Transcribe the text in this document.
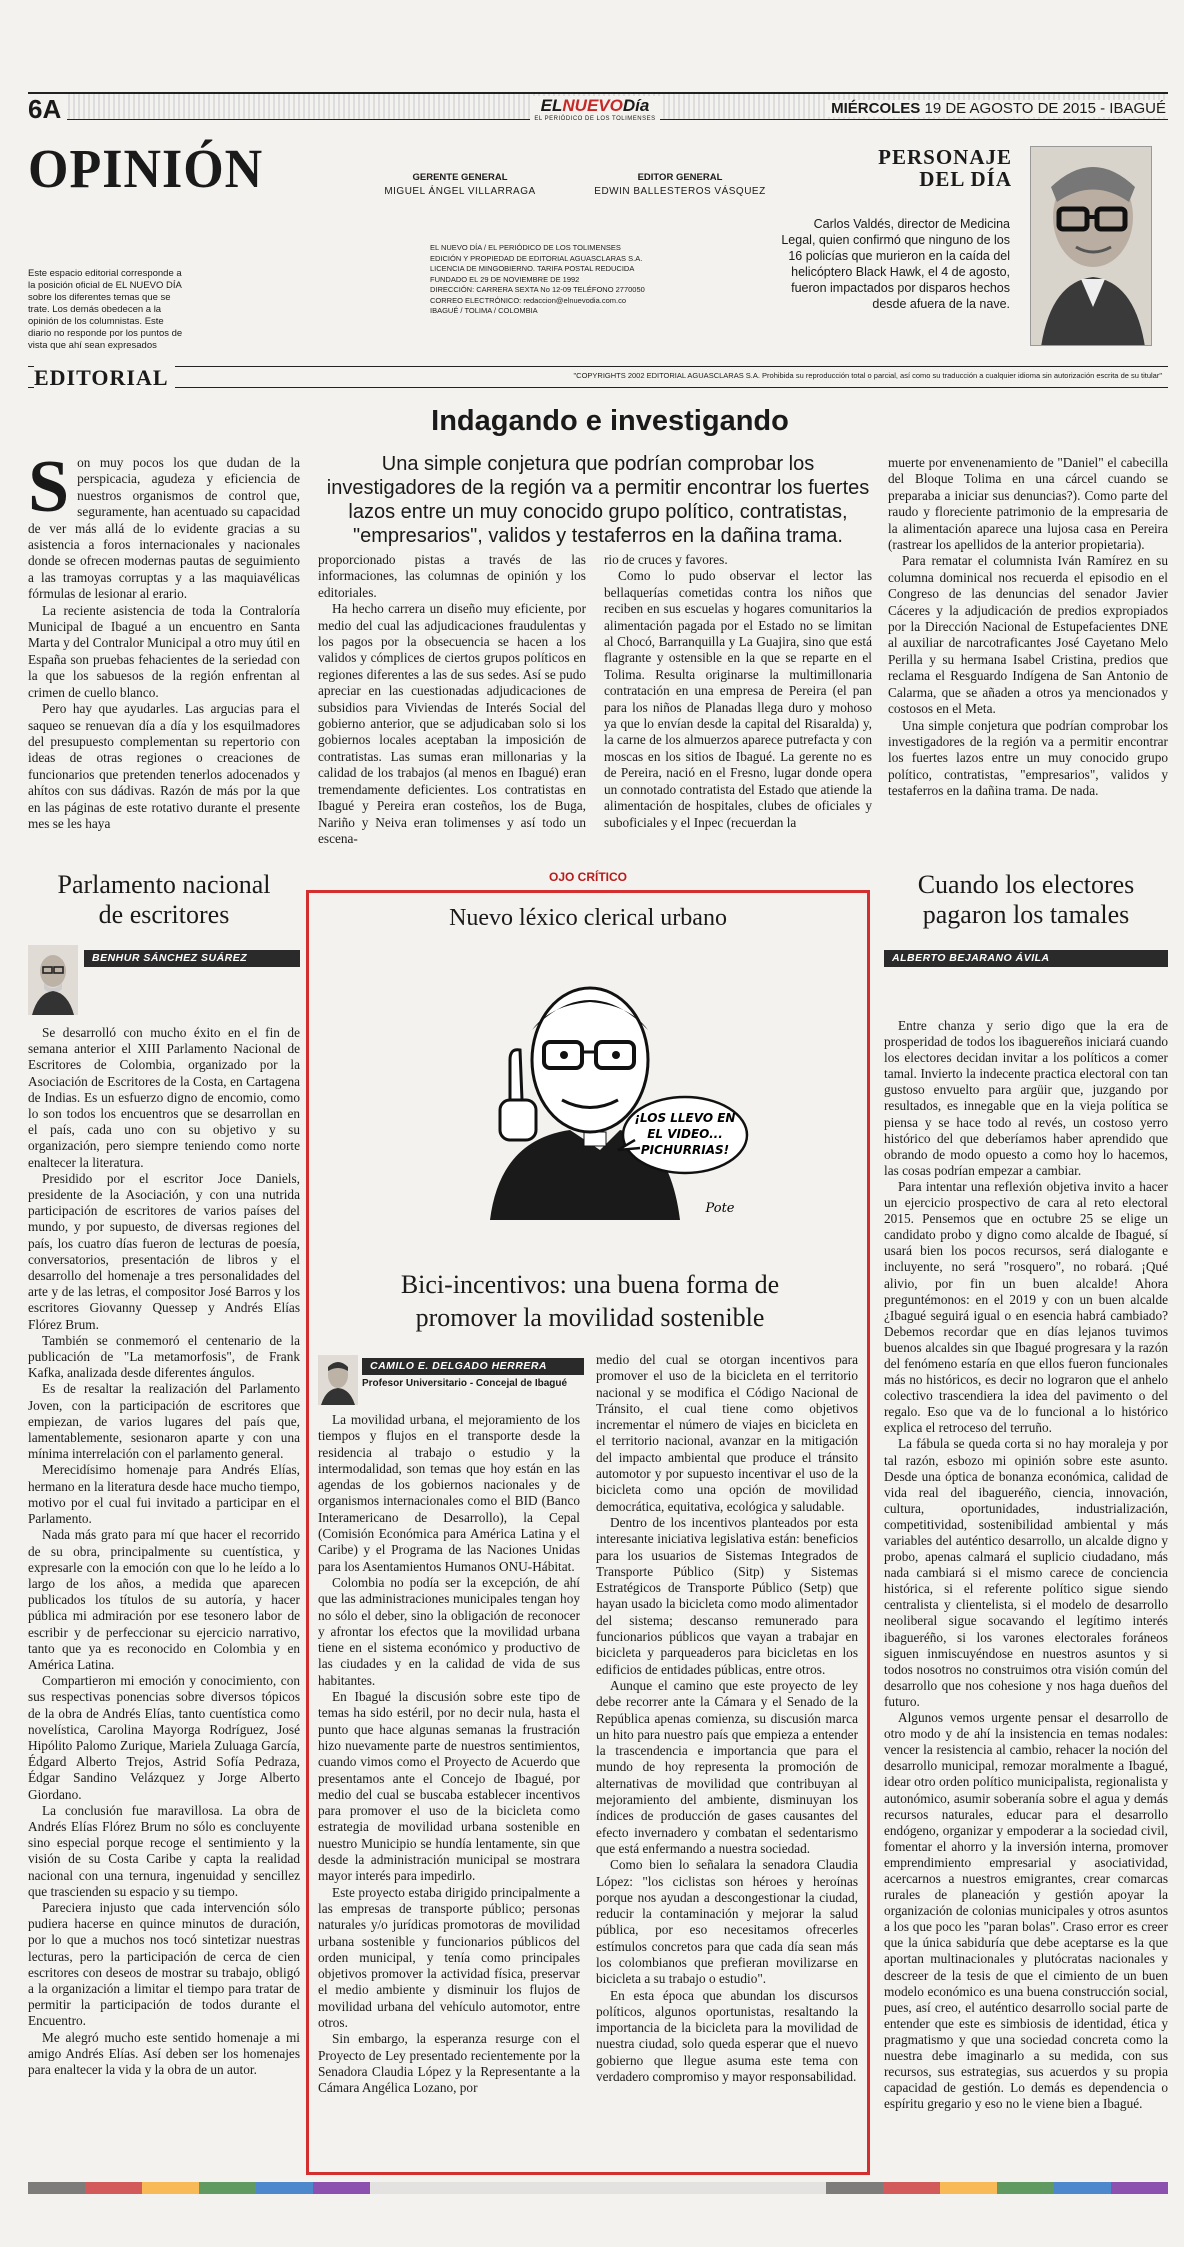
6A	ELNUEVODía
EL PERIÓDICO DE LOS TOLIMENSES
MIÉRCOLES 19 DE AGOSTO DE 2015 - IBAGUÉ
OPINIÓN
Este espacio editorial corresponde a la posición oficial de EL NUEVO DÍA sobre los diferentes temas que se trate. Los demás obedecen a la opinión de los columnistas. Este diario no responde por los puntos de vista que ahí sean expresados
GERENTE GENERAL
MIGUEL ÁNGEL VILLARRAGA
EDITOR GENERAL
EDWIN BALLESTEROS VÁSQUEZ
EL NUEVO DÍA / EL PERIÓDICO DE LOS TOLIMENSES
EDICIÓN Y PROPIEDAD DE EDITORIAL AGUASCLARAS S.A.
LICENCIA DE MINGOBIERNO. TARIFA POSTAL REDUCIDA
FUNDADO EL 29 DE NOVIEMBRE DE 1992
DIRECCIÓN: CARRERA SEXTA No 12-09 TELÉFONO 2770050
CORREO ELECTRÓNICO: redaccion@elnuevodia.com.co
IBAGUÉ / TOLIMA / COLOMBIA
PERSONAJE
DEL DÍA
Carlos Valdés, director de Medicina Legal, quien confirmó que ninguno de los 16 policías que murieron en la caída del helicóptero Black Hawk, el 4 de agosto, fueron impactados por disparos hechos desde afuera de la nave.
EDITORIAL	"COPYRIGHTS 2002 EDITORIAL AGUASCLARAS S.A. Prohibida su reproducción total o parcial, así como su traducción a cualquier idioma sin autorización escrita de su titular"
Indagando e investigando
Una simple conjetura que podrían comprobar los investigadores de la región va a permitir encontrar los fuertes lazos entre un muy conocido grupo político, contratistas, "empresarios", validos y testaferros en la dañina trama.
S on muy pocos los que dudan de la perspicacia, agudeza y eficiencia de nuestros organismos de control que, seguramente, han acentuado su capacidad de ver más allá de lo evidente gracias a su asistencia a foros internacionales y nacionales donde se ofrecen modernas pautas de seguimiento a las tramoyas corruptas y a las maquiavélicas fórmulas de lesionar al erario.

La reciente asistencia de toda la Contraloría Municipal de Ibagué a un encuentro en Santa Marta y del Contralor Municipal a otro muy útil en España son pruebas fehacientes de la seriedad con la que los sabuesos de la región enfrentan al crimen de cuello blanco.

Pero hay que ayudarles. Las argucias para el saqueo se renuevan día a día y los esquilmadores del presupuesto complementan su repertorio con ideas de otras regiones o creaciones de funcionarios que pretenden tenerlos adocenados y ahítos con sus dádivas. Razón de más por la que en las páginas de este rotativo durante el presente mes se les haya

proporcionado pistas a través de las informaciones, las columnas de opinión y los editoriales.

Ha hecho carrera un diseño muy eficiente, por medio del cual las adjudicaciones fraudulentas y los pagos por la obsecuencia se hacen a los validos y cómplices de ciertos grupos políticos en regiones diferentes a las de sus sedes. Así se pudo apreciar en las cuestionadas adjudicaciones de subsidios para Viviendas de Interés Social del gobierno anterior, que se adjudicaban solo si los gobiernos locales aceptaban la imposición de contratistas. Las sumas eran millonarias y la calidad de los trabajos (al menos en Ibagué) eran tremendamente deficientes. Los contratistas en Ibagué y Pereira eran costeños, los de Buga, Nariño y Neiva eran tolimenses y así todo un escena-

rio de cruces y favores.

Como lo pudo observar el lector las bellaquerías cometidas contra los niños que reciben en sus escuelas y hogares comunitarios la alimentación pagada por el Estado no se limitan al Chocó, Barranquilla y La Guajira, sino que está flagrante y ostensible en la que se reparte en el Tolima. Resulta originarse la multimillonaria contratación en una empresa de Pereira (el pan para los niños de Planadas llega duro y mohoso ya que lo envían desde la capital del Risaralda) y, la carne de los almuerzos aparece putrefacta y con moscas en los sitios de Ibagué. La gerente no es de Pereira, nació en el Fresno, lugar donde opera un connotado contratista del Estado que atiende la alimentación de hospitales, clubes de oficiales y suboficiales y el Inpec (recuerdan la

muerte por envenenamiento de "Daniel" el cabecilla del Bloque Tolima en una cárcel cuando se preparaba a iniciar sus denuncias?). Como parte del raudo y floreciente patrimonio de la empresaria de la alimentación aparece una lujosa casa en Pereira (rastrear los apellidos de la anterior propietaria).

Para rematar el columnista Iván Ramírez en su columna dominical nos recuerda el episodio en el Congreso de las denuncias del senador Javier Cáceres y la adjudicación de predios expropiados por la Dirección Nacional de Estupefacientes DNE al auxiliar de narcotraficantes José Cayetano Melo Perilla y su hermana Isabel Cristina, predios que reclama el Resguardo Indígena de San Antonio de Calarma, que se añaden a otros ya mencionados y costosos en el Meta.

Una simple conjetura que podrían comprobar los investigadores de la región va a permitir encontrar los fuertes lazos entre un muy conocido grupo político, contratistas, "empresarios", validos y testaferros en la dañina trama. De nada.

Parlamento nacional
de escritores
BENHUR SÁNCHEZ SUÁREZ

Se desarrolló con mucho éxito en el fin de semana anterior el XIII Parlamento Nacional de Escritores de Colombia, organizado por la Asociación de Escritores de la Costa, en Cartagena de Indias. Es un esfuerzo digno de encomio, como lo son todos los encuentros que se desarrollan en el país, cada uno con su objetivo y su organización, pero siempre teniendo como norte enaltecer la literatura.

Presidido por el escritor Joce Daniels, presidente de la Asociación, y con una nutrida participación de escritores de varios países del mundo, y por supuesto, de diversas regiones del país, los cuatro días fueron de lecturas de poesía, conversatorios, presentación de libros y el desarrollo del homenaje a tres personalidades del arte y de las letras, el compositor José Barros y los escritores Giovanny Quessep y Andrés Elías Flórez Brum.

También se conmemoró el centenario de la publicación de "La metamorfosis", de Frank Kafka, analizada desde diferentes ángulos.

Es de resaltar la realización del Parlamento Joven, con la participación de escritores que empiezan, de varios lugares del país que, lamentablemente, sesionaron aparte y con una mínima interrelación con el parlamento general.

Merecidísimo homenaje para Andrés Elías, hermano en la literatura desde hace mucho tiempo, motivo por el cual fui invitado a participar en el Parlamento.

Nada más grato para mí que hacer el recorrido de su obra, principalmente su cuentística, y expresarle con la emoción con que lo he leído a lo largo de los años, a medida que aparecen publicados los títulos de su autoría, y hacer pública mi admiración por ese tesonero labor de escribir y de perfeccionar su ejercicio narrativo, tanto que ya es reconocido en Colombia y en América Latina.

Compartieron mi emoción y conocimiento, con sus respectivas ponencias sobre diversos tópicos de la obra de Andrés Elías, tanto cuentística como novelística, Carolina Mayorga Rodríguez, José Hipólito Palomo Zurique, Mariela Zuluaga García, Édgard Alberto Trejos, Astrid Sofía Pedraza, Édgar Sandino Velázquez y Jorge Alberto Giordano.

La conclusión fue maravillosa. La obra de Andrés Elías Flórez Brum no sólo es concluyente sino especial porque recoge el sentimiento y la visión de su Costa Caribe y capta la realidad nacional con una ternura, ingenuidad y sencillez que trascienden su espacio y su tiempo.

Pareciera injusto que cada intervención sólo pudiera hacerse en quince minutos de duración, por lo que a muchos nos tocó sintetizar nuestras lecturas, pero la participación de cerca de cien escritores con deseos de mostrar su trabajo, obligó a la organización a limitar el tiempo para tratar de permitir la participación de todos durante el Encuentro.

Me alegró mucho este sentido homenaje a mi amigo Andrés Elías. Así deben ser los homenajes para enaltecer la vida y la obra de un autor.

OJO CRÍTICO
Nuevo léxico clerical urbano
¡LOS LLEVO EN
EL VIDEO...
PICHURRIAS!
Pote
Bici-incentivos: una buena forma de
promover la movilidad sostenible
CAMILO E. DELGADO HERRERA
Profesor Universitario - Concejal de Ibagué

La movilidad urbana, el mejoramiento de los tiempos y flujos en el transporte desde la residencia al trabajo o estudio y la intermodalidad, son temas que hoy están en las agendas de los gobiernos nacionales y de organismos internacionales como el BID (Banco Interamericano de Desarrollo), la Cepal (Comisión Económica para América Latina y el Caribe) y el Programa de las Naciones Unidas para los Asentamientos Humanos ONU-Hábitat.

Colombia no podía ser la excepción, de ahí que las administraciones municipales tengan hoy no sólo el deber, sino la obligación de reconocer y afrontar los efectos que la movilidad urbana tiene en el sistema económico y productivo de las ciudades y en la calidad de vida de sus habitantes.

En Ibagué la discusión sobre este tipo de temas ha sido estéril, por no decir nula, hasta el punto que hace algunas semanas la frustración hizo nuevamente parte de nuestros sentimientos, cuando vimos como el Proyecto de Acuerdo que presentamos ante el Concejo de Ibagué, por medio del cual se buscaba establecer incentivos para promover el uso de la bicicleta como estrategia de movilidad urbana sostenible en nuestro Municipio se hundía lentamente, sin que desde la administración municipal se mostrara mayor interés para impedirlo.

Este proyecto estaba dirigido principalmente a las empresas de transporte público; personas naturales y/o jurídicas promotoras de movilidad urbana sostenible y funcionarios públicos del orden municipal, y tenía como principales objetivos promover la actividad física, preservar el medio ambiente y disminuir los flujos de movilidad urbana del vehículo automotor, entre otros.

Sin embargo, la esperanza resurge con el Proyecto de Ley presentado recientemente por la Senadora Claudia López y la Representante a la Cámara Angélica Lozano, por

medio del cual se otorgan incentivos para promover el uso de la bicicleta en el territorio nacional y se modifica el Código Nacional de Tránsito, el cual tiene como objetivos incrementar el número de viajes en bicicleta en el territorio nacional, avanzar en la mitigación del impacto ambiental que produce el tránsito automotor y por supuesto incentivar el uso de la bicicleta como una opción de movilidad democrática, equitativa, ecológica y saludable.

Dentro de los incentivos planteados por esta interesante iniciativa legislativa están: beneficios para los usuarios de Sistemas Integrados de Transporte Público (Sitp) y Sistemas Estratégicos de Transporte Público (Setp) que hayan usado la bicicleta como modo alimentador del sistema; descanso remunerado para funcionarios públicos que vayan a trabajar en bicicleta y parqueaderos para bicicletas en los edificios de entidades públicas, entre otros.

Aunque el camino que este proyecto de ley debe recorrer ante la Cámara y el Senado de la República apenas comienza, su discusión marca un hito para nuestro país que empieza a entender la trascendencia e importancia que para el mundo de hoy representa la promoción de alternativas de movilidad que contribuyan al mejoramiento del ambiente, disminuyan los índices de producción de gases causantes del efecto invernadero y combatan el sedentarismo que está enfermando a nuestra sociedad.

Como bien lo señalara la senadora Claudia López: "los ciclistas son héroes y heroínas porque nos ayudan a descongestionar la ciudad, reducir la contaminación y mejorar la salud pública, por eso necesitamos ofrecerles estímulos concretos para que cada día sean más los colombianos que prefieran movilizarse en bicicleta a su trabajo o estudio".

En esta época que abundan los discursos políticos, algunos oportunistas, resaltando la importancia de la bicicleta para la movilidad de nuestra ciudad, solo queda esperar que el nuevo gobierno que llegue asuma este tema con verdadero compromiso y mayor responsabilidad.

Cuando los electores
pagaron los tamales
ALBERTO BEJARANO ÁVILA

Entre chanza y serio digo que la era de prosperidad de todos los ibaguereños iniciará cuando los electores decidan invitar a los políticos a comer tamal. Invierto la indecente practica electoral con tan gustoso envuelto para argüir que, juzgando por resultados, es innegable que en la vieja política se piensa y se hace todo al revés, un costoso yerro histórico del que deberíamos haber aprendido que obrando de modo opuesto a como hoy lo hacemos, las cosas podrían empezar a cambiar.

Para intentar una reflexión objetiva invito a hacer un ejercicio prospectivo de cara al reto electoral 2015. Pensemos que en octubre 25 se elige un candidato probo y digno como alcalde de Ibagué, sí usará bien los pocos recursos, será dialogante e incluyente, no será "rosquero", no robará. ¡Qué alivio, por fin un buen alcalde! Ahora preguntémonos: en el 2019 y con un buen alcalde ¿Ibagué seguirá igual o en esencia habrá cambiado? Debemos recordar que en días lejanos tuvimos buenos alcaldes sin que Ibagué progresara y la razón del fenómeno estaría en que ellos fueron funcionales más no históricos, es decir no lograron que el anhelo colectivo trascendiera la idea del pavimento o del regalo. Eso que va de lo funcional a lo histórico explica el retroceso del terruño.

La fábula se queda corta si no hay moraleja y por tal razón, esbozo mi opinión sobre este asunto. Desde una óptica de bonanza económica, calidad de vida real del ibagueréño, ciencia, innovación, cultura, oportunidades, industrialización, competitividad, sostenibilidad ambiental y más variables del auténtico desarrollo, un alcalde digno y probo, apenas calmará el suplicio ciudadano, más nada cambiará si el mismo carece de conciencia histórica, si el referente político sigue siendo centralista y clientelista, si el modelo de desarrollo neoliberal sigue socavando el legítimo interés ibagueréño, si los varones electorales foráneos siguen inmiscuyéndose en nuestros asuntos y si todos nosotros no construimos otra visión común del desarrollo que nos cohesione y nos haga dueños del futuro.

Algunos vemos urgente pensar el desarrollo de otro modo y de ahí la insistencia en temas nodales: vencer la resistencia al cambio, rehacer la noción del desarrollo municipal, remozar moralmente a Ibagué, idear otro orden político municipalista, regionalista y autonómico, asumir soberanía sobre el agua y demás recursos naturales, educar para el desarrollo endógeno, organizar y empoderar a la sociedad civil, fomentar el ahorro y la inversión interna, promover emprendimiento empresarial y asociatividad, acercarnos a nuestros emigrantes, crear comarcas rurales de planeación y gestión apoyar la organización de colonias municipales y otros asuntos a los que poco les "paran bolas". Craso error es creer que la única sabiduría que debe aceptarse es la que aportan multinacionales y plutócratas nacionales y descreer de la tesis de que el cimiento de un buen modelo económico es una buena construcción social, pues, así creo, el auténtico desarrollo social parte de entender que este es simbiosis de identidad, ética y pragmatismo y que una sociedad concreta como la nuestra debe imaginarlo a su medida, con sus recursos, sus estrategias, sus acuerdos y su propia capacidad de gestión. Lo demás es dependencia o espíritu gregario y eso no le viene bien a Ibagué.
